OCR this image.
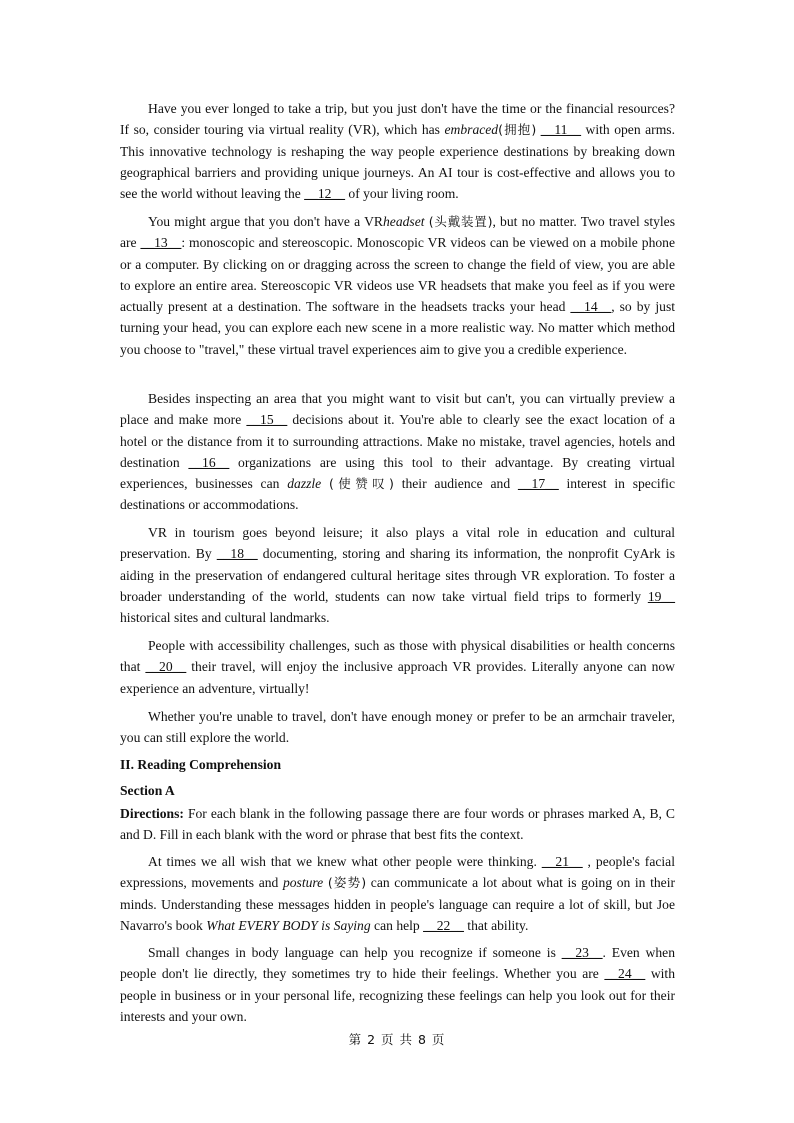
Have you ever longed to take a trip, but you just don't have the time or the financial resources? If so, consider touring via virtual reality (VR), which has embraced(拥抱) __11__ with open arms. This innovative technology is reshaping the way people experience destinations by breaking down geographical barriers and providing unique journeys. An AI tour is cost-effective and allows you to see the world without leaving the __12__ of your living room.

You might argue that you don't have a VRheadset (头戴装置), but no matter. Two travel styles are __13__: monoscopic and stereoscopic. Monoscopic VR videos can be viewed on a mobile phone or a computer. By clicking on or dragging across the screen to change the field of view, you are able to explore an entire area. Stereoscopic VR videos use VR headsets that make you feel as if you were actually present at a destination. The software in the headsets tracks your head __14__, so by just turning your head, you can explore each new scene in a more realistic way. No matter which method you choose to "travel," these virtual travel experiences aim to give you a credible experience.

Besides inspecting an area that you might want to visit but can't, you can virtually preview a place and make more __15__ decisions about it. You're able to clearly see the exact location of a hotel or the distance from it to surrounding attractions. Make no mistake, travel agencies, hotels and destination __16__ organizations are using this tool to their advantage. By creating virtual experiences, businesses can dazzle (使赞叹) their audience and __17__ interest in specific destinations or accommodations.

VR in tourism goes beyond leisure; it also plays a vital role in education and cultural preservation. By __18__ documenting, storing and sharing its information, the nonprofit CyArk is aiding in the preservation of endangered cultural heritage sites through VR exploration. To foster a broader understanding of the world, students can now take virtual field trips to formerly 19__ historical sites and cultural landmarks.

People with accessibility challenges, such as those with physical disabilities or health concerns that __20__ their travel, will enjoy the inclusive approach VR provides. Literally anyone can now experience an adventure, virtually!

Whether you're unable to travel, don't have enough money or prefer to be an armchair traveler, you can still explore the world.

II. Reading Comprehension

Section A

Directions: For each blank in the following passage there are four words or phrases marked A, B, C and D. Fill in each blank with the word or phrase that best fits the context.

At times we all wish that we knew what other people were thinking. __21__ , people's facial expressions, movements and posture (姿势) can communicate a lot about what is going on in their minds. Understanding these messages hidden in people's language can require a lot of skill, but Joe Navarro's book What EVERY BODY is Saying can help __22__ that ability.

Small changes in body language can help you recognize if someone is __23__. Even when people don't lie directly, they sometimes try to hide their feelings. Whether you are __24__ with people in business or in your personal life, recognizing these feelings can help you look out for their interests and your own.

第 2 页 共 8 页
